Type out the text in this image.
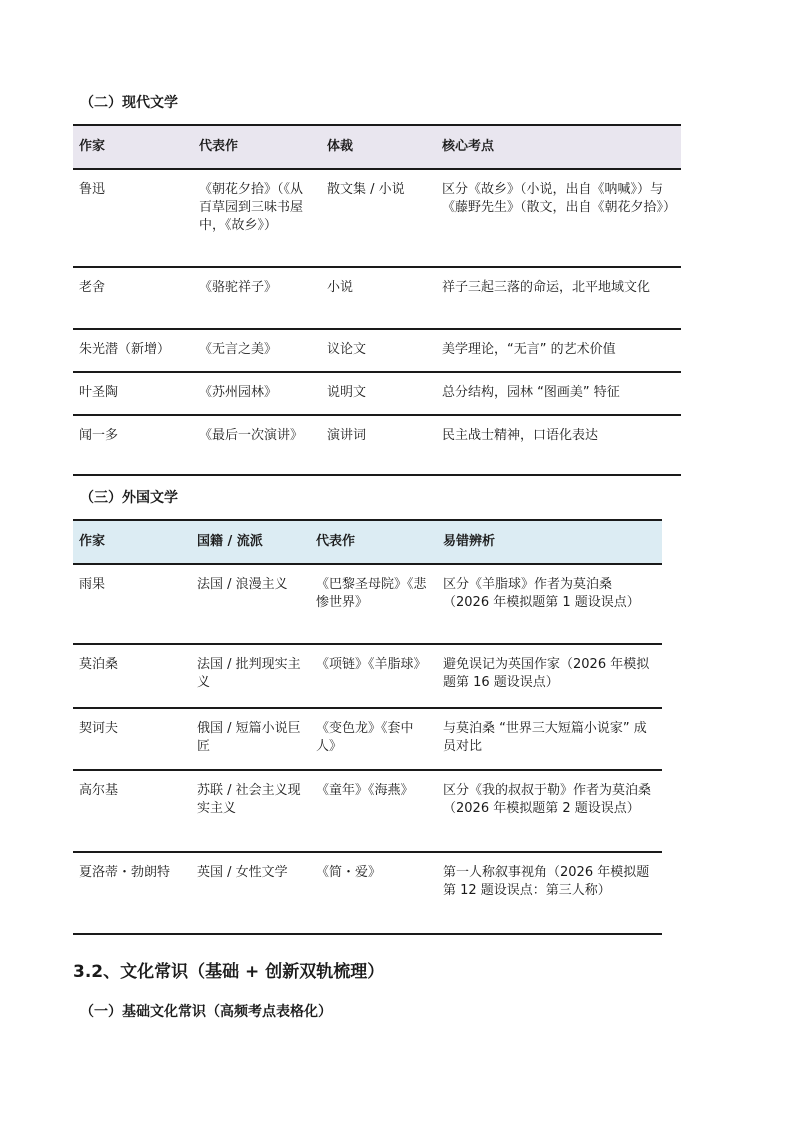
（二）现代文学
作家	代表作	体裁	核心考点
鲁迅	《朝花夕拾》（《从百草园到三味书屋中，《故乡》）	散文集 / 小说	区分《故乡》（小说，出自《呐喊》）与《藤野先生》（散文，出自《朝花夕拾》）
老舍	《骆驼祥子》	小说	祥子三起三落的命运，北平地域文化
朱光潜（新增）	《无言之美》	议论文	美学理论，“无言” 的艺术价值
叶圣陶	《苏州园林》	说明文	总分结构，园林 “图画美” 特征
闻一多	《最后一次演讲》	演讲词	民主战士精神，口语化表达
（三）外国文学
作家	国籍 / 流派	代表作	易错辨析
雨果	法国 / 浪漫主义	《巴黎圣母院》《悲惨世界》	区分《羊脂球》作者为莫泊桑（2026 年模拟题第 1 题设误点）
莫泊桑	法国 / 批判现实主义	《项链》《羊脂球》	避免误记为英国作家（2026 年模拟题第 16 题设误点）
契诃夫	俄国 / 短篇小说巨匠	《变色龙》《套中人》	与莫泊桑 “世界三大短篇小说家” 成员对比
高尔基	苏联 / 社会主义现实主义	《童年》《海燕》	区分《我的叔叔于勒》作者为莫泊桑（2026 年模拟题第 2 题设误点）
夏洛蒂・勃朗特	英国 / 女性文学	《简・爱》	第一人称叙事视角（2026 年模拟题第 12 题设误点：第三人称）
3.2、文化常识（基础 + 创新双轨梳理）
（一）基础文化常识（高频考点表格化）
